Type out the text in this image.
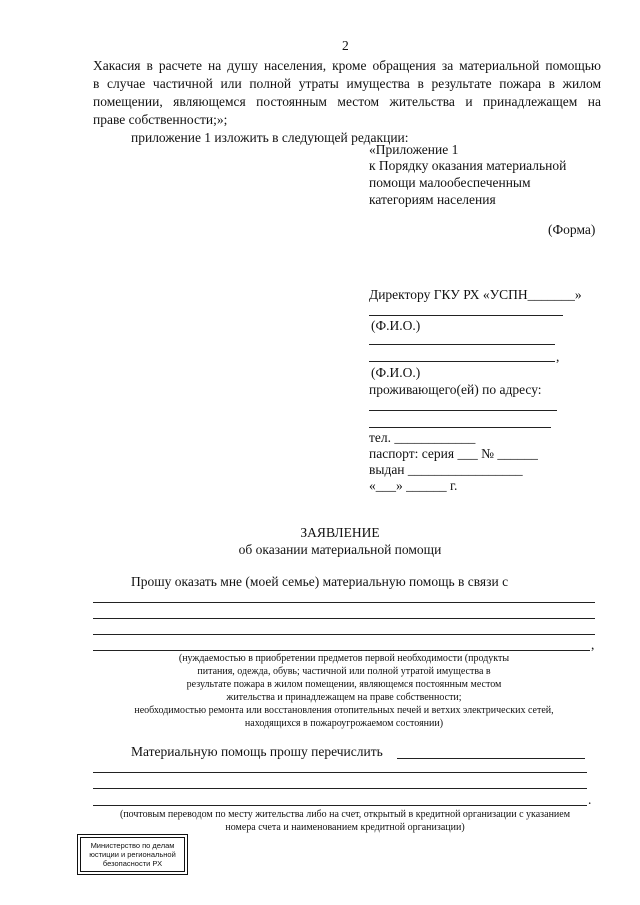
2
Хакасия в расчете на душу населения, кроме обращения за материальной помощью
в случае частичной или полной утраты имущества в результате пожара в жилом
помещении, являющемся постоянным местом жительства и принадлежащем на
праве собственности;»;
приложение 1 изложить в следующей редакции:
«Приложение 1
к Порядку оказания материальной
помощи малообеспеченным
категориям населения
(Форма)
Директору ГКУ РХ «УСПН_______»
(Ф.И.О.)
,
(Ф.И.О.)
проживающего(ей) по адресу:
тел. ____________
паспорт: серия ___ № ______
выдан _________________
«___» ______ г.
ЗАЯВЛЕНИЕ
об оказании материальной помощи
Прошу оказать мне (моей семье) материальную помощь в связи с
,
(нуждаемостью в приобретении предметов первой необходимости (продукты
питания, одежда, обувь; частичной или полной утратой имущества в
результате пожара в жилом помещении, являющемся постоянным местом
жительства и принадлежащем на праве собственности;
необходимостью ремонта или восстановления отопительных печей и ветхих электрических сетей,
находящихся в пожароугрожаемом состоянии)
Материальную помощь прошу перечислить
.
(почтовым переводом по месту жительства либо на счет, открытый в кредитной организации с указанием
номера счета и наименованием кредитной организации)
Министерство по делам
юстиции и региональной
безопасности РХ
